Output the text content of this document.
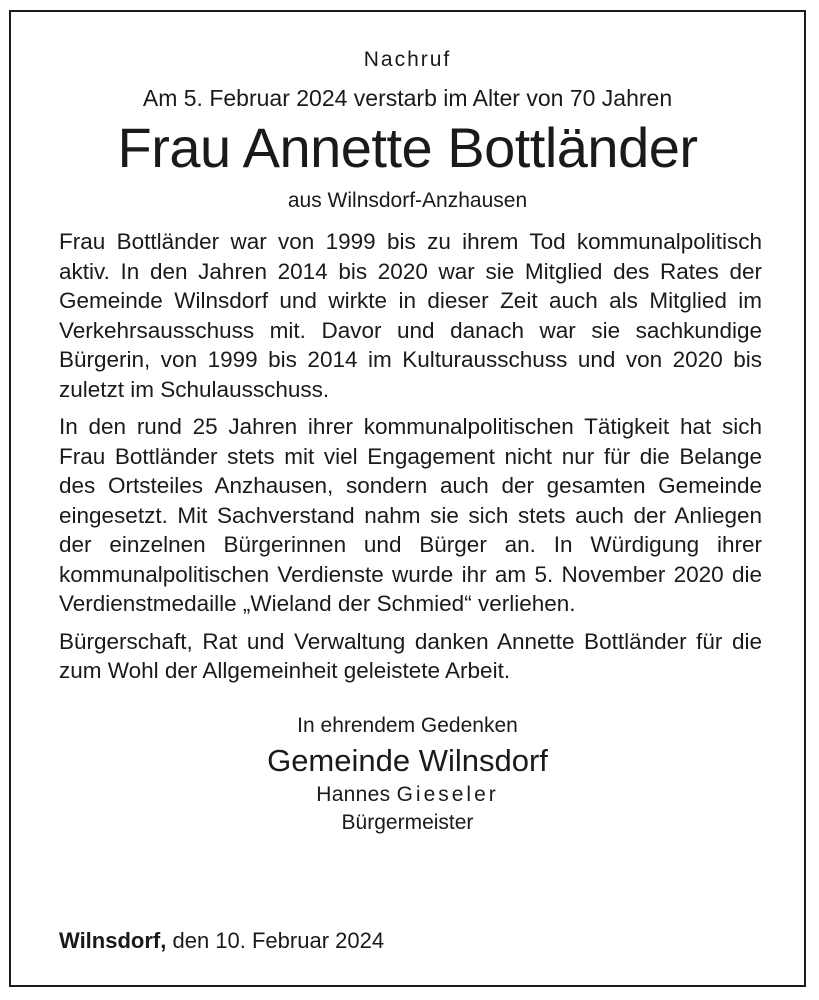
Nachruf
Am 5. Februar 2024 verstarb im Alter von 70 Jahren
Frau Annette Bottländer
aus Wilnsdorf-Anzhausen

Frau Bottländer war von 1999 bis zu ihrem Tod kommunalpolitisch aktiv. In den Jahren 2014 bis 2020 war sie Mitglied des Rates der Gemeinde Wilnsdorf und wirkte in dieser Zeit auch als Mitglied im Verkehrsausschuss mit. Davor und danach war sie sachkundige Bürgerin, von 1999 bis 2014 im Kulturausschuss und von 2020 bis zuletzt im Schulausschuss.

In den rund 25 Jahren ihrer kommunalpolitischen Tätigkeit hat sich Frau Bottländer stets mit viel Engagement nicht nur für die Belange des Ortsteiles Anzhausen, sondern auch der gesamten Gemeinde eingesetzt. Mit Sachverstand nahm sie sich stets auch der Anliegen der einzelnen Bürgerinnen und Bürger an. In Würdigung ihrer kommunalpolitischen Verdienste wurde ihr am 5. November 2020 die Verdienstmedaille „Wieland der Schmied“ verliehen.

Bürgerschaft, Rat und Verwaltung danken Annette Bottländer für die zum Wohl der Allgemeinheit geleistete Arbeit.

In ehrendem Gedenken
Gemeinde Wilnsdorf
Hannes Gieseler
Bürgermeister
Wilnsdorf, den 10. Februar 2024
